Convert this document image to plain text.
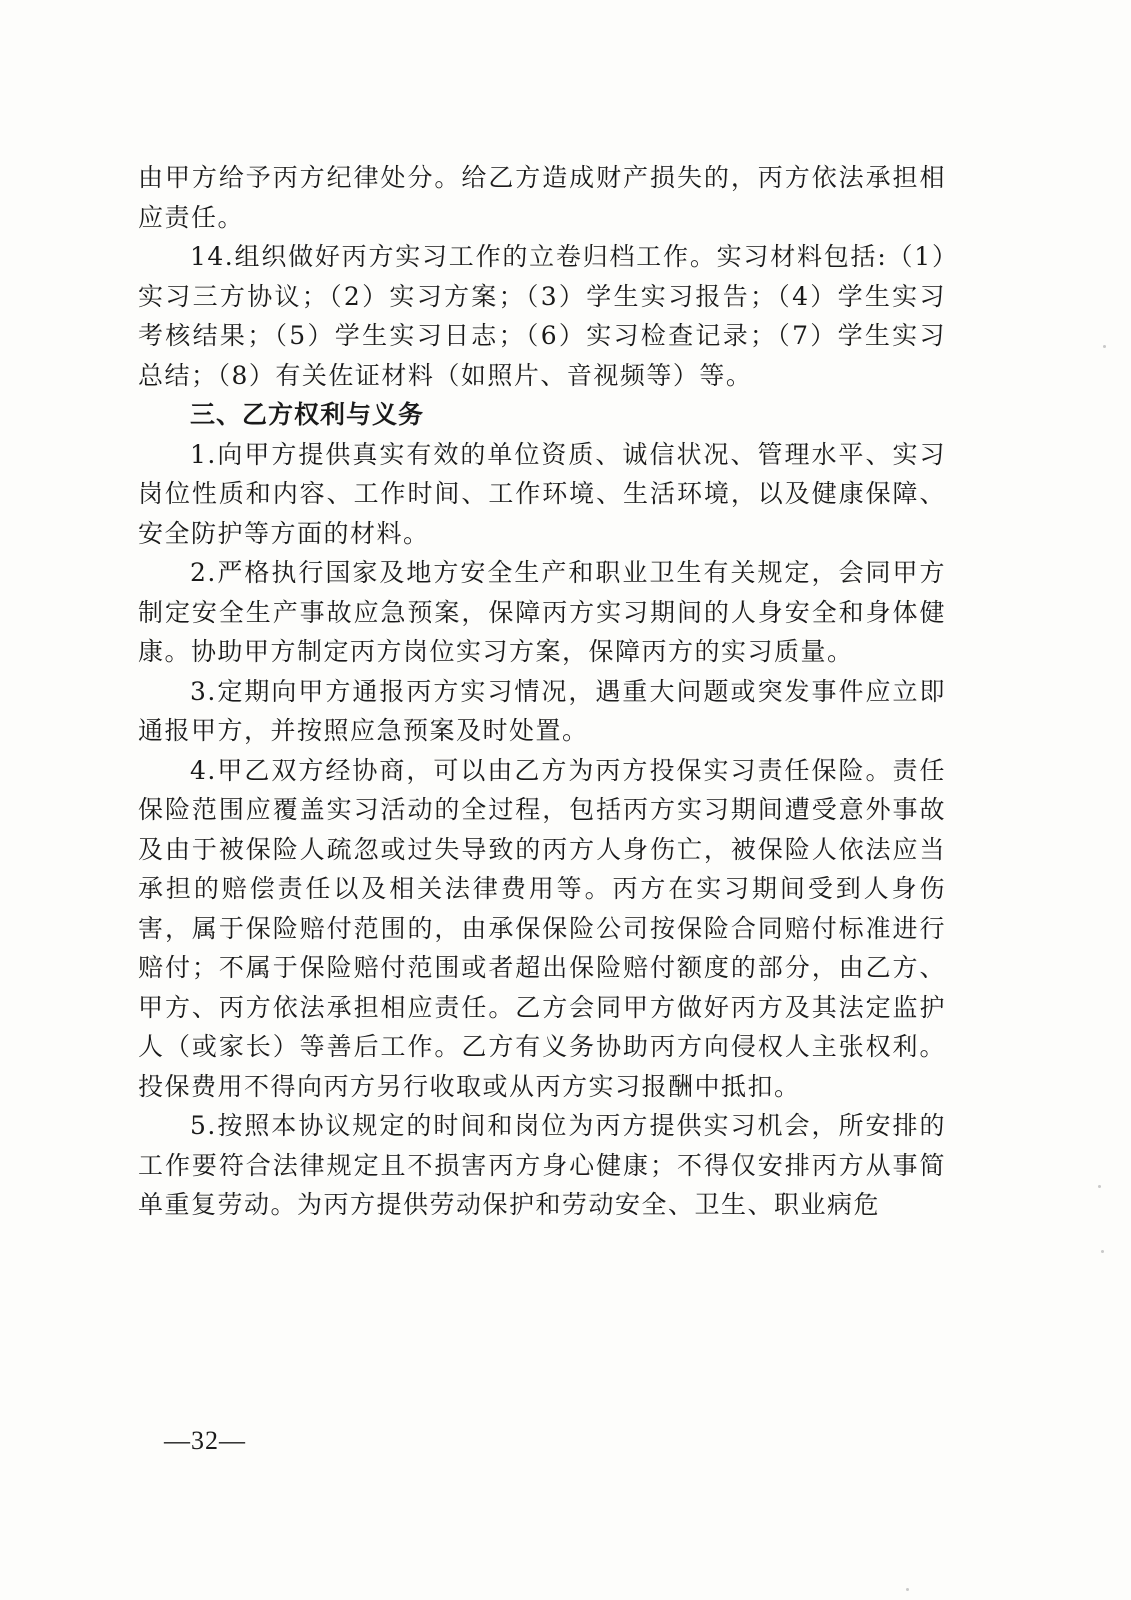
由甲方给予丙方纪律处分。给乙方造成财产损失的，丙方依法承担相应责任。

14.组织做好丙方实习工作的立卷归档工作。实习材料包括:（1）实习三方协议；（2）实习方案；（3）学生实习报告；（4）学生实习考核结果；（5）学生实习日志；（6）实习检查记录；（7）学生实习总结；（8）有关佐证材料（如照片、音视频等）等。

三、乙方权利与义务

1.向甲方提供真实有效的单位资质、诚信状况、管理水平、实习岗位性质和内容、工作时间、工作环境、生活环境，以及健康保障、安全防护等方面的材料。

2.严格执行国家及地方安全生产和职业卫生有关规定，会同甲方制定安全生产事故应急预案，保障丙方实习期间的人身安全和身体健康。协助甲方制定丙方岗位实习方案，保障丙方的实习质量。

3.定期向甲方通报丙方实习情况，遇重大问题或突发事件应立即通报甲方，并按照应急预案及时处置。

4.甲乙双方经协商，可以由乙方为丙方投保实习责任保险。责任保险范围应覆盖实习活动的全过程，包括丙方实习期间遭受意外事故及由于被保险人疏忽或过失导致的丙方人身伤亡，被保险人依法应当承担的赔偿责任以及相关法律费用等。丙方在实习期间受到人身伤害，属于保险赔付范围的，由承保保险公司按保险合同赔付标准进行赔付；不属于保险赔付范围或者超出保险赔付额度的部分，由乙方、甲方、丙方依法承担相应责任。乙方会同甲方做好丙方及其法定监护人（或家长）等善后工作。乙方有义务协助丙方向侵权人主张权利。投保费用不得向丙方另行收取或从丙方实习报酬中抵扣。

5.按照本协议规定的时间和岗位为丙方提供实习机会，所安排的工作要符合法律规定且不损害丙方身心健康；不得仅安排丙方从事简单重复劳动。为丙方提供劳动保护和劳动安全、卫生、职业病危

—32—
